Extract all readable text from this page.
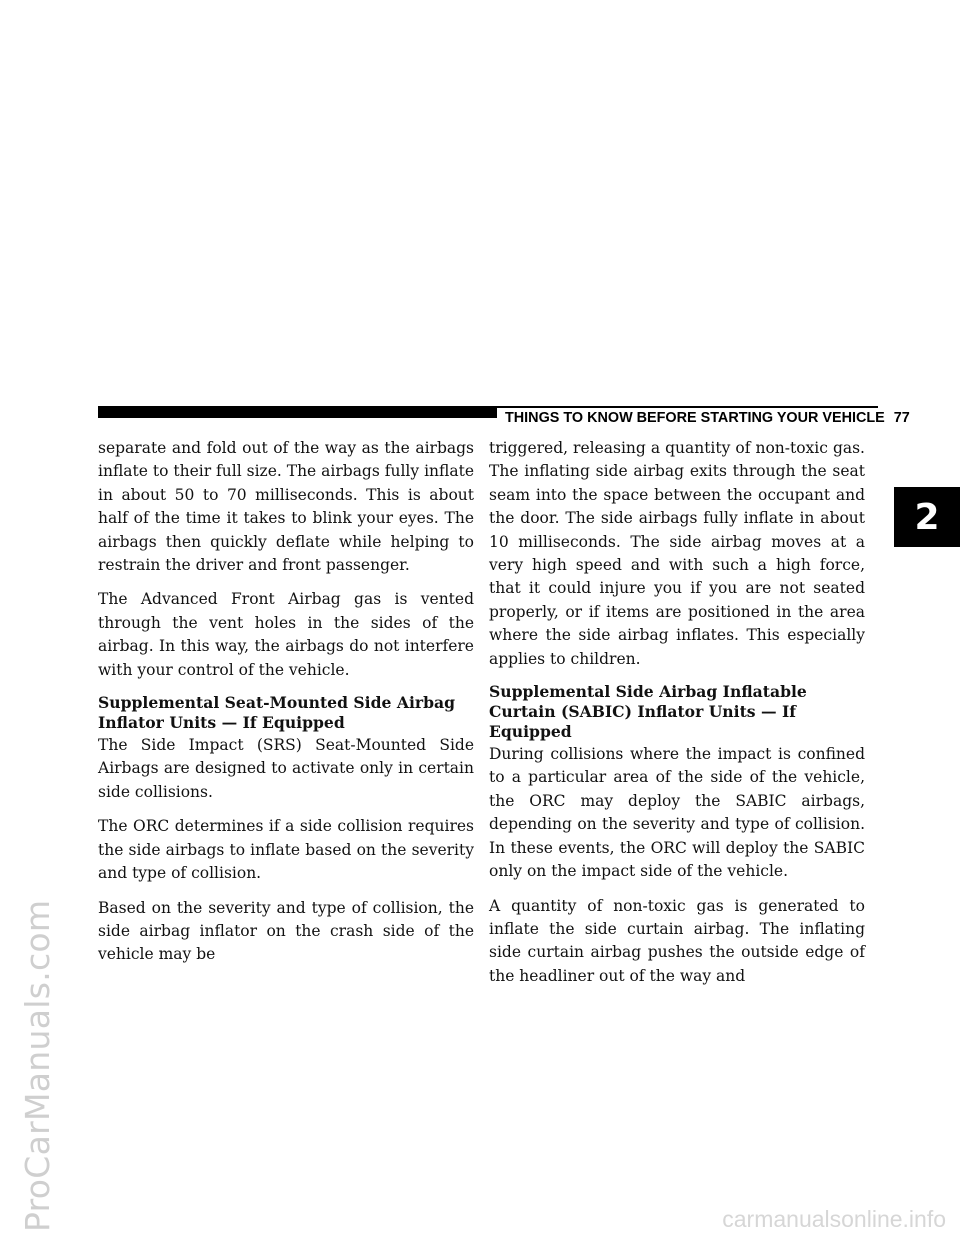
ProCarManuals.com
THINGS TO KNOW BEFORE STARTING YOUR VEHICLE 77

separate and fold out of the way as the airbags inflate to their full size. The airbags fully inflate in about 50 to 70 milliseconds. This is about half of the time it takes to blink your eyes. The airbags then quickly deflate while helping to restrain the driver and front passenger.

The Advanced Front Airbag gas is vented through the vent holes in the sides of the airbag. In this way, the airbags do not interfere with your control of the vehicle.

Supplemental Seat-Mounted Side Airbag Inflator Units — If Equipped

The Side Impact (SRS) Seat-Mounted Side Airbags are designed to activate only in certain side collisions.

The ORC determines if a side collision requires the side airbags to inflate based on the severity and type of collision.

Based on the severity and type of collision, the side airbag inflator on the crash side of the vehicle may be

triggered, releasing a quantity of non-toxic gas. The inflating side airbag exits through the seat seam into the space between the occupant and the door. The side airbags fully inflate in about 10 milliseconds. The side airbag moves at a very high speed and with such a high force, that it could injure you if you are not seated properly, or if items are positioned in the area where the side airbag inflates. This especially applies to children.

Supplemental Side Airbag Inflatable Curtain (SABIC) Inflator Units — If Equipped

During collisions where the impact is confined to a particular area of the side of the vehicle, the ORC may deploy the SABIC airbags, depending on the severity and type of collision. In these events, the ORC will deploy the SABIC only on the impact side of the vehicle.

A quantity of non-toxic gas is generated to inflate the side curtain airbag. The inflating side curtain airbag pushes the outside edge of the headliner out of the way and

2
carmanualsonline.info
